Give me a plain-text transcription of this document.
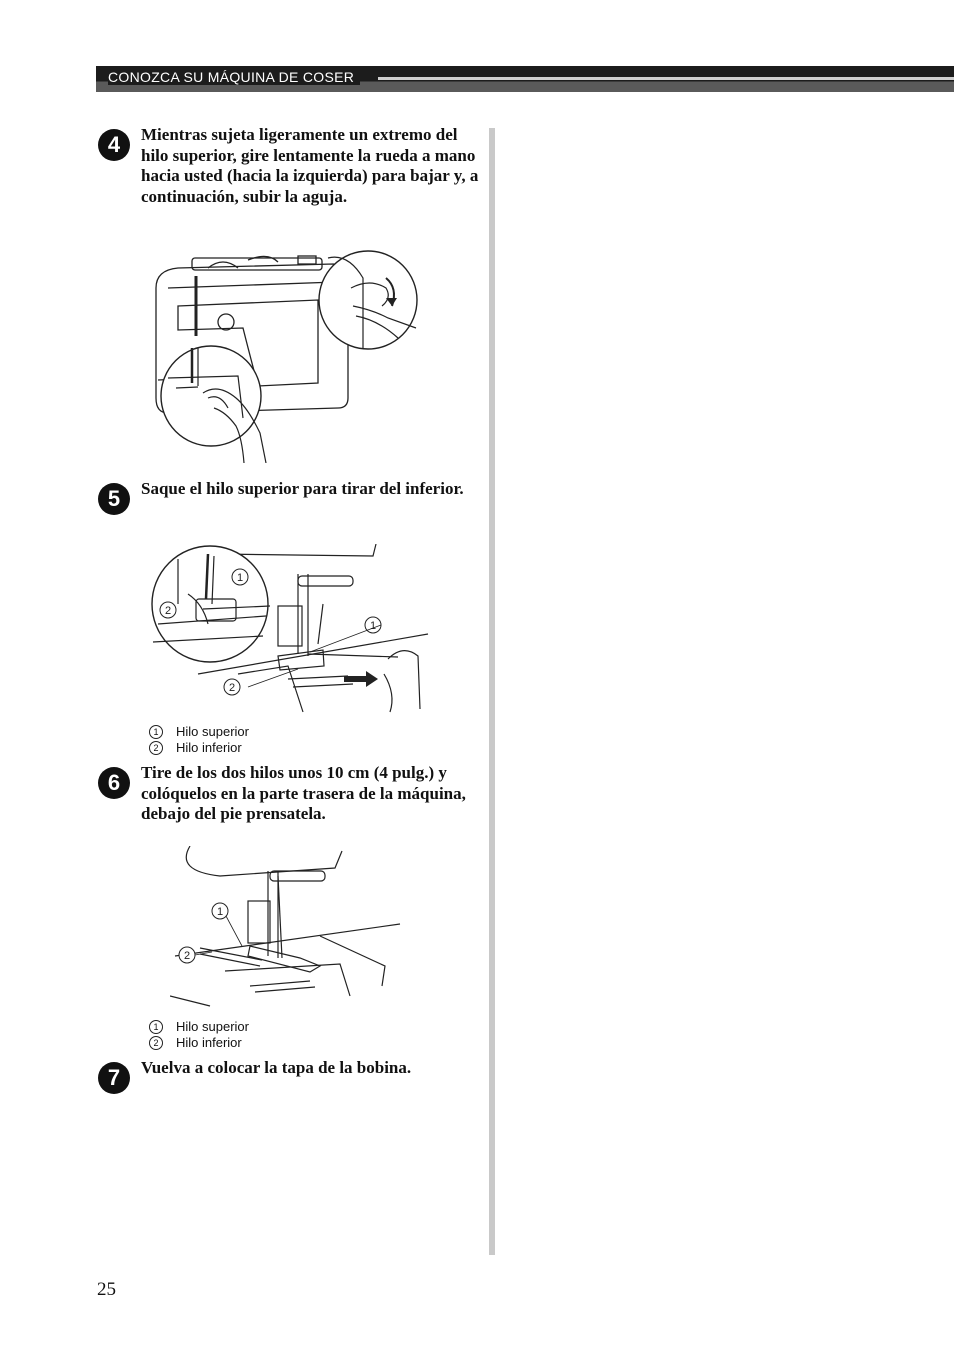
CONOZCA SU MÁQUINA DE COSER
4	Mientras sujeta ligeramente un extremo del hilo superior, gire lentamente la rueda a mano hacia usted (hacia la izquierda) para bajar y, a continuación, subir la aguja.
5	Saque el hilo superior para tirar del inferior.
1
2
1
2
1	Hilo superior
2	Hilo inferior
6	Tire de los dos hilos unos 10 cm (4 pulg.) y colóquelos en la parte trasera de la máquina, debajo del pie prensatela.
1
2
1	Hilo superior
2	Hilo inferior
7	Vuelva a colocar la tapa de la bobina.
25
